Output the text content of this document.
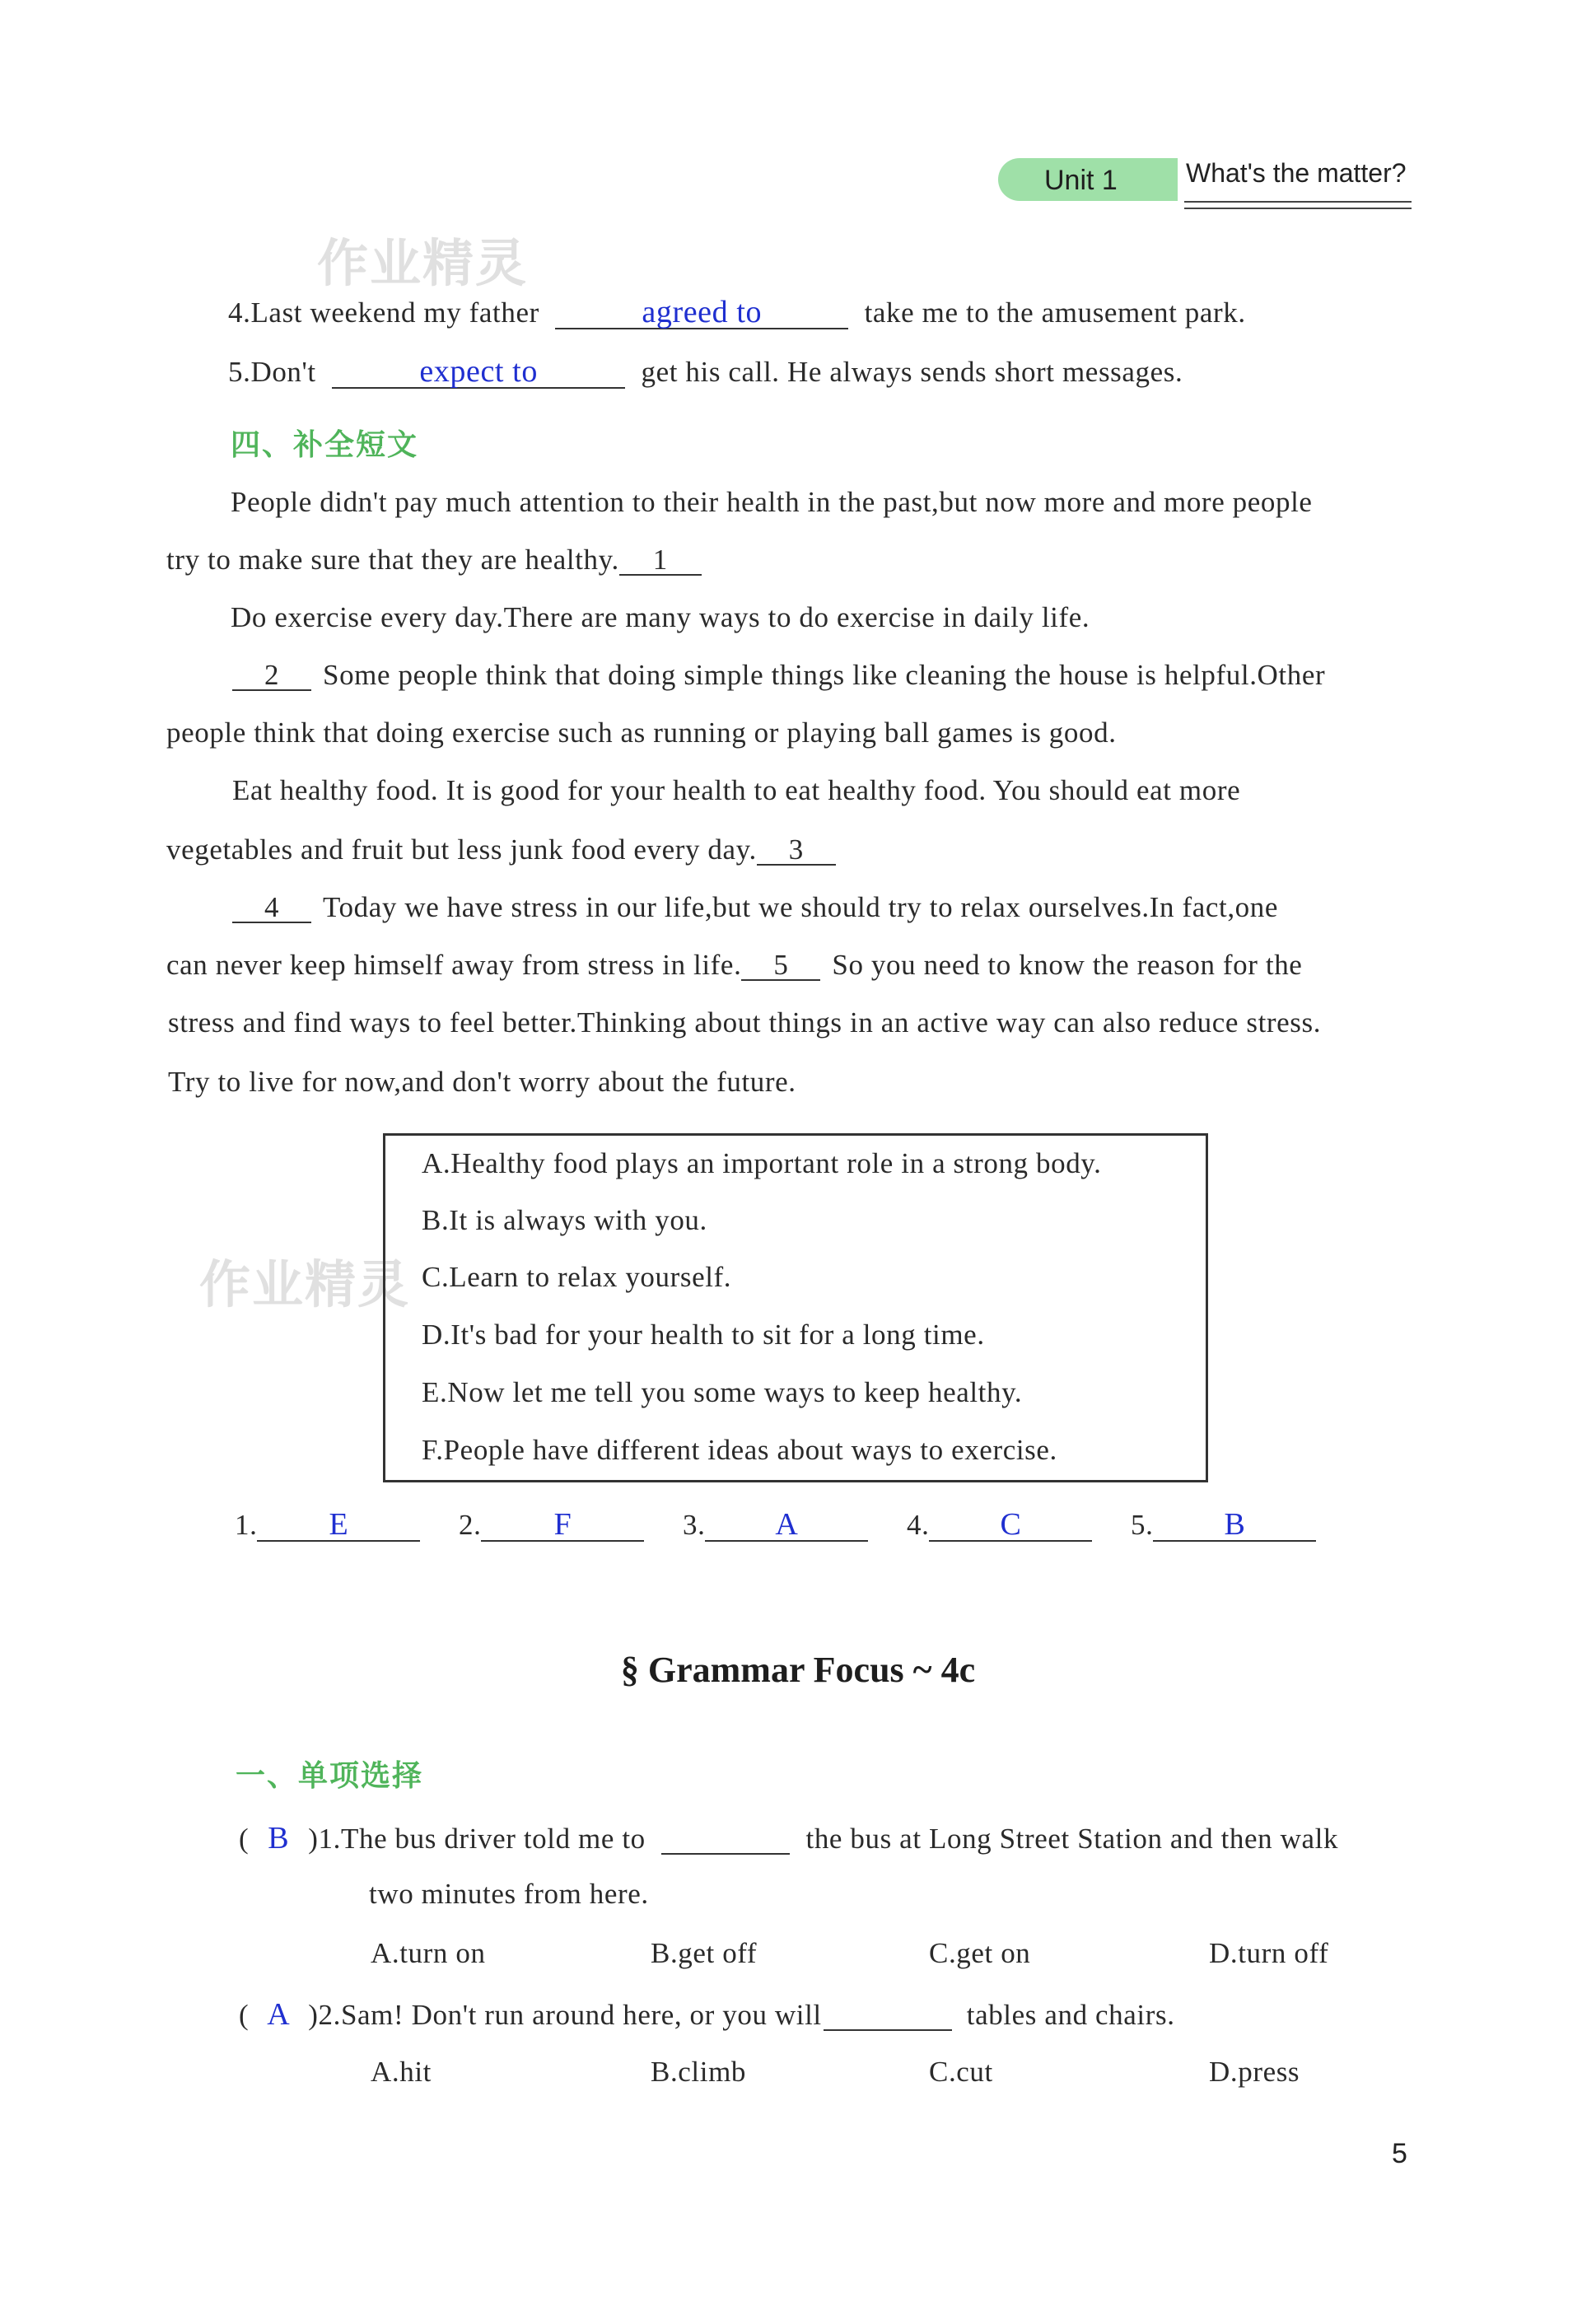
Unit 1	What's the matter?
作业精灵
作业精灵
4.Last weekend my father	agreed to	take me to the amusement park.
5.Don't	expect to	get his call. He always sends short messages.
四、补全短文
People didn't pay much attention to their health in the past,but now more and more people
try to make sure that they are healthy. 1
Do exercise every day.There are many ways to do exercise in daily life.
2 Some people think that doing simple things like cleaning the house is helpful.Other
people think that doing exercise such as running or playing ball games is good.
Eat healthy food. It is good for your health to eat healthy food. You should eat more
vegetables and fruit but less junk food every day. 3
4 Today we have stress in our life,but we should try to relax ourselves.In fact,one
can never keep himself away from stress in life. 5 So you need to know the reason for the
stress and find ways to feel better.Thinking about things in an active way can also reduce stress.
Try to live for now,and don't worry about the future.
A.Healthy food plays an important role in a strong body.
B.It is always with you.
C.Learn to relax yourself.
D.It's bad for your health to sit for a long time.
E.Now let me tell you some ways to keep healthy.
F.People have different ideas about ways to exercise.
1. E	2. F	3. A	4. C	5. B
§ Grammar Focus ~ 4c
一、单项选择
( B )1.The bus driver told me to	the bus at Long Street Station and then walk
two minutes from here.
A.turn on	B.get off	C.get on	D.turn off
( A )2.Sam! Don't run around here, or you will	tables and chairs.
A.hit	B.climb	C.cut	D.press
5
